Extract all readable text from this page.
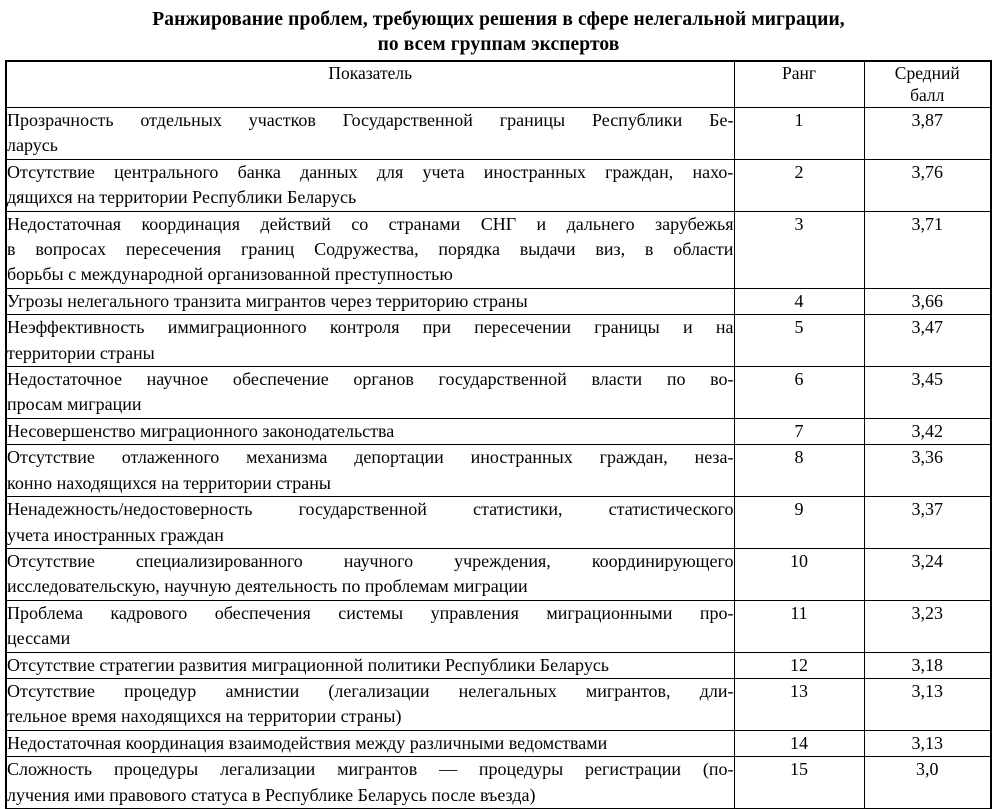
Ранжирование проблем, требующих решения в сфере нелегальной миграции,
по всем группам экспертов
Показатель	Ранг	Средний
балл

Прозрачность отдельных участков Государственной границы Республики Бе-
ларусь
	1	3,87

Отсутствие центрального банка данных для учета иностранных граждан, нахо-
дящихся на территории Республики Беларусь
	2	3,76

Недостаточная координация действий со странами СНГ и дальнего зарубежья
в вопросах пересечения границ Содружества, порядка выдачи виз, в области
борьбы с международной организованной преступностью
	3	3,71

Угрозы нелегального транзита мигрантов через территорию страны	4	3,66

Неэффективность иммиграционного контроля при пересечении границы и на
территории страны
	5	3,47

Недостаточное научное обеспечение органов государственной власти по во-
просам миграции
	6	3,45

Несовершенство миграционного законодательства	7	3,42

Отсутствие отлаженного механизма депортации иностранных граждан, неза-
конно находящихся на территории страны
	8	3,36

Ненадежность/недостоверность государственной статистики, статистического
учета иностранных граждан	9	3,37

Отсутствие специализированного научного учреждения, координирующего
исследовательскую, научную деятельность по проблемам миграции
	10	3,24

Проблема кадрового обеспечения системы управления миграционными про-
цессами
	11	3,23

Отсутствие стратегии развития миграционной политики Республики Беларусь	12	3,18

Отсутствие процедур амнистии (легализации нелегальных мигрантов, дли-
тельное время находящихся на территории страны)
	13	3,13

Недостаточная координация взаимодействия между различными ведомствами	14	3,13

Сложность процедуры легализации мигрантов — процедуры регистрации (по-
лучения ими правового статуса в Республике Беларусь после въезда)
	15	3,0
